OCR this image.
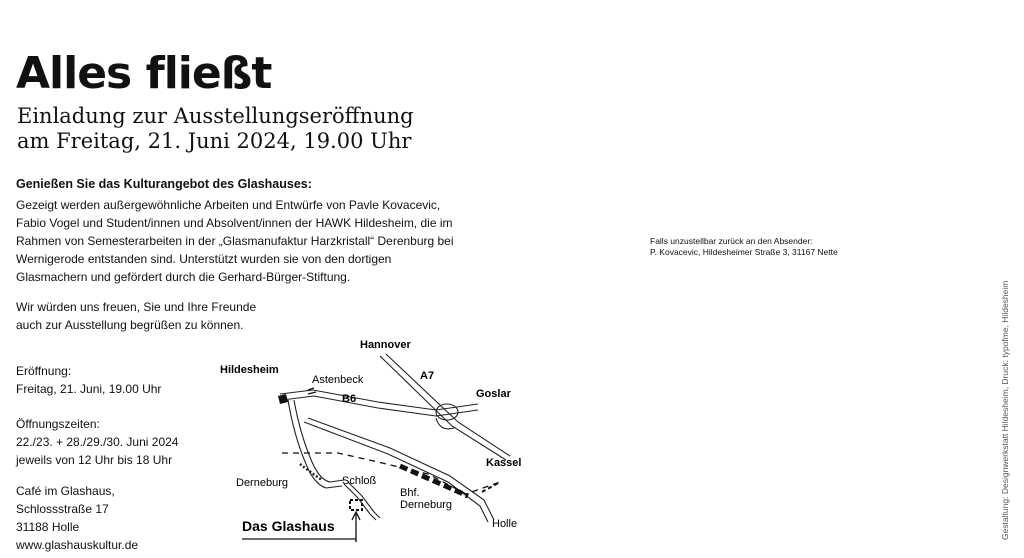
Alles fließt
Einladung zur Ausstellungseröffnung
am Freitag, 21. Juni 2024, 19.00 Uhr
Genießen Sie das Kulturangebot des Glashauses:
Gezeigt werden außergewöhnliche Arbeiten und Entwürfe von Pavle Kovacevic,
Fabio Vogel und Student/innen und Absolvent/innen der HAWK Hildesheim, die im
Rahmen von Semesterarbeiten in der „Glasmanufaktur Harzkristall“ Derenburg bei
Wernigerode entstanden sind. Unterstützt wurden sie von den dortigen
Glasmachern und gefördert durch die Gerhard-Bürger-Stiftung.
Wir würden uns freuen, Sie und Ihre Freunde
auch zur Ausstellung begrüßen zu können.
Eröffnung:
Freitag, 21. Juni, 19.00 Uhr
Öffnungszeiten:
22./23. + 28./29./30. Juni 2024
jeweils von 12 Uhr bis 18 Uhr
Café im Glashaus,
Schlossstraße 17
31188 Holle
www.glashauskultur.de
Falls unzustellbar zurück an den Absender:
P. Kovacevic, Hildesheimer Straße 3, 31167 Nette
Gestaltung: Designwerkstatt Hildesheim, Druck: typofme, Hildesheim
Hannover
Hildesheim
Astenbeck	A7
Goslar
B6
Kassel
Derneburg	Schloß
Bhf.
Derneburg
Holle
Das Glashaus
